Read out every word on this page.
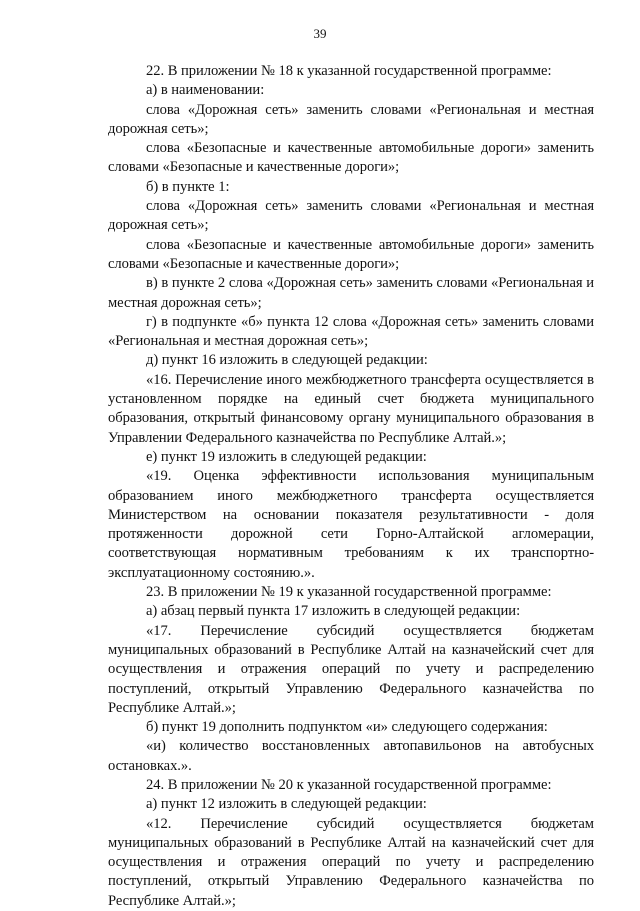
39

22. В приложении № 18 к указанной государственной программе:

а) в наименовании:

слова «Дорожная сеть» заменить словами «Региональная и местная дорожная сеть»;

слова «Безопасные и качественные автомобильные дороги» заменить словами «Безопасные и качественные дороги»;

б) в пункте 1:

слова «Дорожная сеть» заменить словами «Региональная и местная дорожная сеть»;

слова «Безопасные и качественные автомобильные дороги» заменить словами «Безопасные и качественные дороги»;

в) в пункте 2 слова «Дорожная сеть» заменить словами «Региональная и местная дорожная сеть»;

г) в подпункте «б» пункта 12 слова «Дорожная сеть» заменить словами «Региональная и местная дорожная сеть»;

д) пункт 16 изложить в следующей редакции:

«16. Перечисление иного межбюджетного трансферта осуществляется в установленном порядке на единый счет бюджета муниципального образования, открытый финансовому органу муниципального образования в Управлении Федерального казначейства по Республике Алтай.»;

е) пункт 19 изложить в следующей редакции:

«19. Оценка эффективности использования муниципальным образованием иного межбюджетного трансферта осуществляется Министерством на основании показателя результативности - доля протяженности дорожной сети Горно-Алтайской агломерации, соответствующая нормативным требованиям к их транспортно-эксплуатационному состоянию.».

23. В приложении № 19 к указанной государственной программе:

а) абзац первый пункта 17 изложить в следующей редакции:

«17. Перечисление субсидий осуществляется бюджетам муниципальных образований в Республике Алтай на казначейский счет для осуществления и отражения операций по учету и распределению поступлений, открытый Управлению Федерального казначейства по Республике Алтай.»;

б) пункт 19 дополнить подпунктом «и» следующего содержания:

«и) количество восстановленных автопавильонов на автобусных остановках.».

24. В приложении № 20 к указанной государственной программе:

а) пункт 12 изложить в следующей редакции:

«12. Перечисление субсидий осуществляется бюджетам муниципальных образований в Республике Алтай на казначейский счет для осуществления и отражения операций по учету и распределению поступлений, открытый Управлению Федерального казначейства по Республике Алтай.»;
